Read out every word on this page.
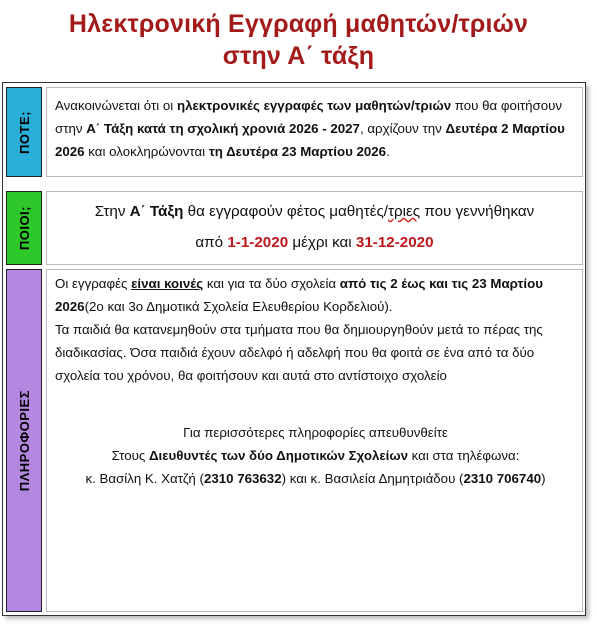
Ηλεκτρονική Εγγραφή μαθητών/τριών
στην Α΄ τάξη
ΠΟΤΕ;

Ανακοινώνεται ότι οι ηλεκτρονικές εγγραφές των μαθητών/τριών που θα φοιτήσουν στην Α΄ Τάξη κατά τη σχολική χρονιά 2026 - 2027, αρχίζουν την Δευτέρα 2 Μαρτίου 2026 και ολοκληρώνονται τη Δευτέρα 23 Μαρτίου 2026.

ΠΟΙΟΙ;	Στην Α΄ Τάξη θα εγγραφούν φέτος μαθητές/τριες που γεννήθηκαν

από 1-1-2020 μέχρι και 31-12-2020

ΠΛΗΡΟΦΟΡΙΕΣ

Οι εγγραφές είναι κοινές και για τα δύο σχολεία από τις 2 έως και τις 23 Μαρτίου 2026(2ο και 3ο Δημοτικά Σχολεία Ελευθερίου Κορδελιού).

Τα παιδιά θα κατανεμηθούν στα τμήματα που θα δημιουργηθούν μετά το πέρας της διαδικασίας. Όσα παιδιά έχουν αδελφό ή αδελφή που θα φοιτά σε ένα από τα δύο σχολεία του χρόνου, θα φοιτήσουν και αυτά στο αντίστοιχο σχολείο

Για περισσότερες πληροφορίες απευθυνθείτε

Στους Διευθυντές των δύο Δημοτικών Σχολείων και στα τηλέφωνα:

κ. Βασίλη Κ. Χατζή (2310 763632) και κ. Βασιλεία Δημητριάδου (2310 706740)
